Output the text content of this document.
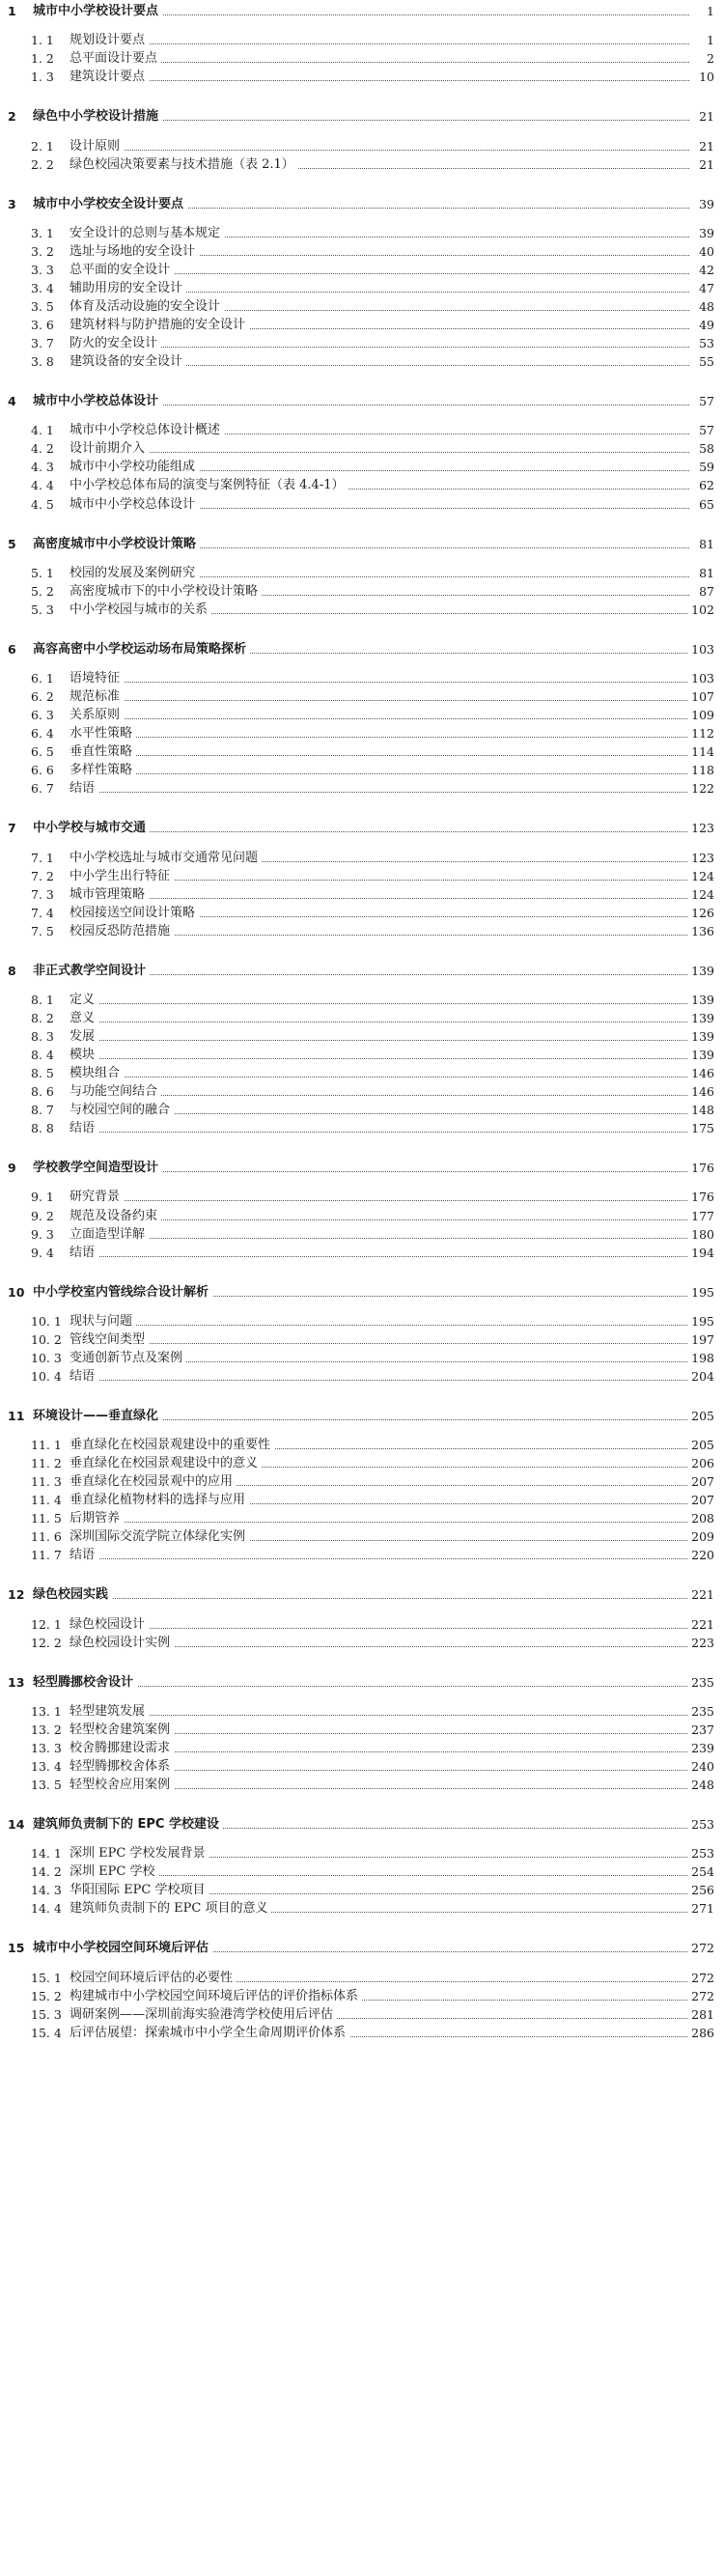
1 城市中小学校设计要点	1
1. 1 规划设计要点	1
1. 2 总平面设计要点	2
1. 3 建筑设计要点	10
2 绿色中小学校设计措施	21
2. 1 设计原则	21
2. 2 绿色校园决策要素与技术措施（表 2.1）	21
3 城市中小学校安全设计要点	39
3. 1 安全设计的总则与基本规定	39
3. 2 选址与场地的安全设计	40
3. 3 总平面的安全设计	42
3. 4 辅助用房的安全设计	47
3. 5 体育及活动设施的安全设计	48
3. 6 建筑材料与防护措施的安全设计	49
3. 7 防火的安全设计	53
3. 8 建筑设备的安全设计	55
4 城市中小学校总体设计	57
4. 1 城市中小学校总体设计概述	57
4. 2 设计前期介入	58
4. 3 城市中小学校功能组成	59
4. 4 中小学校总体布局的演变与案例特征（表 4.4-1）	62
4. 5 城市中小学校总体设计	65
5 高密度城市中小学校设计策略	81
5. 1 校园的发展及案例研究	81
5. 2 高密度城市下的中小学校设计策略	87
5. 3 中小学校园与城市的关系	102
6 高容高密中小学校运动场布局策略探析	103
6. 1 语境特征	103
6. 2 规范标准	107
6. 3 关系原则	109
6. 4 水平性策略	112
6. 5 垂直性策略	114
6. 6 多样性策略	118
6. 7 结语	122
7 中小学校与城市交通	123
7. 1 中小学校选址与城市交通常见问题	123
7. 2 中小学生出行特征	124
7. 3 城市管理策略	124
7. 4 校园接送空间设计策略	126
7. 5 校园反恐防范措施	136
8 非正式教学空间设计	139
8. 1 定义	139
8. 2 意义	139
8. 3 发展	139
8. 4 模块	139
8. 5 模块组合	146
8. 6 与功能空间结合	146
8. 7 与校园空间的融合	148
8. 8 结语	175
9 学校教学空间造型设计	176
9. 1 研究背景	176
9. 2 规范及设备约束	177
9. 3 立面造型详解	180
9. 4 结语	194
10 中小学校室内管线综合设计解析	195
10. 1 现状与问题	195
10. 2 管线空间类型	197
10. 3 变通创新节点及案例	198
10. 4 结语	204
11 环境设计——垂直绿化	205
11. 1 垂直绿化在校园景观建设中的重要性	205
11. 2 垂直绿化在校园景观建设中的意义	206
11. 3 垂直绿化在校园景观中的应用	207
11. 4 垂直绿化植物材料的选择与应用	207
11. 5 后期管养	208
11. 6 深圳国际交流学院立体绿化实例	209
11. 7 结语	220
12 绿色校园实践	221
12. 1 绿色校园设计	221
12. 2 绿色校园设计实例	223
13 轻型腾挪校舍设计	235
13. 1 轻型建筑发展	235
13. 2 轻型校舍建筑案例	237
13. 3 校舍腾挪建设需求	239
13. 4 轻型腾挪校舍体系	240
13. 5 轻型校舍应用案例	248
14 建筑师负责制下的 EPC 学校建设	253
14. 1 深圳 EPC 学校发展背景	253
14. 2 深圳 EPC 学校	254
14. 3 华阳国际 EPC 学校项目	256
14. 4 建筑师负责制下的 EPC 项目的意义	271
15 城市中小学校园空间环境后评估	272
15. 1 校园空间环境后评估的必要性	272
15. 2 构建城市中小学校园空间环境后评估的评价指标体系	272
15. 3 调研案例——深圳前海实验港湾学校使用后评估	281
15. 4 后评估展望：探索城市中小学全生命周期评价体系	286
